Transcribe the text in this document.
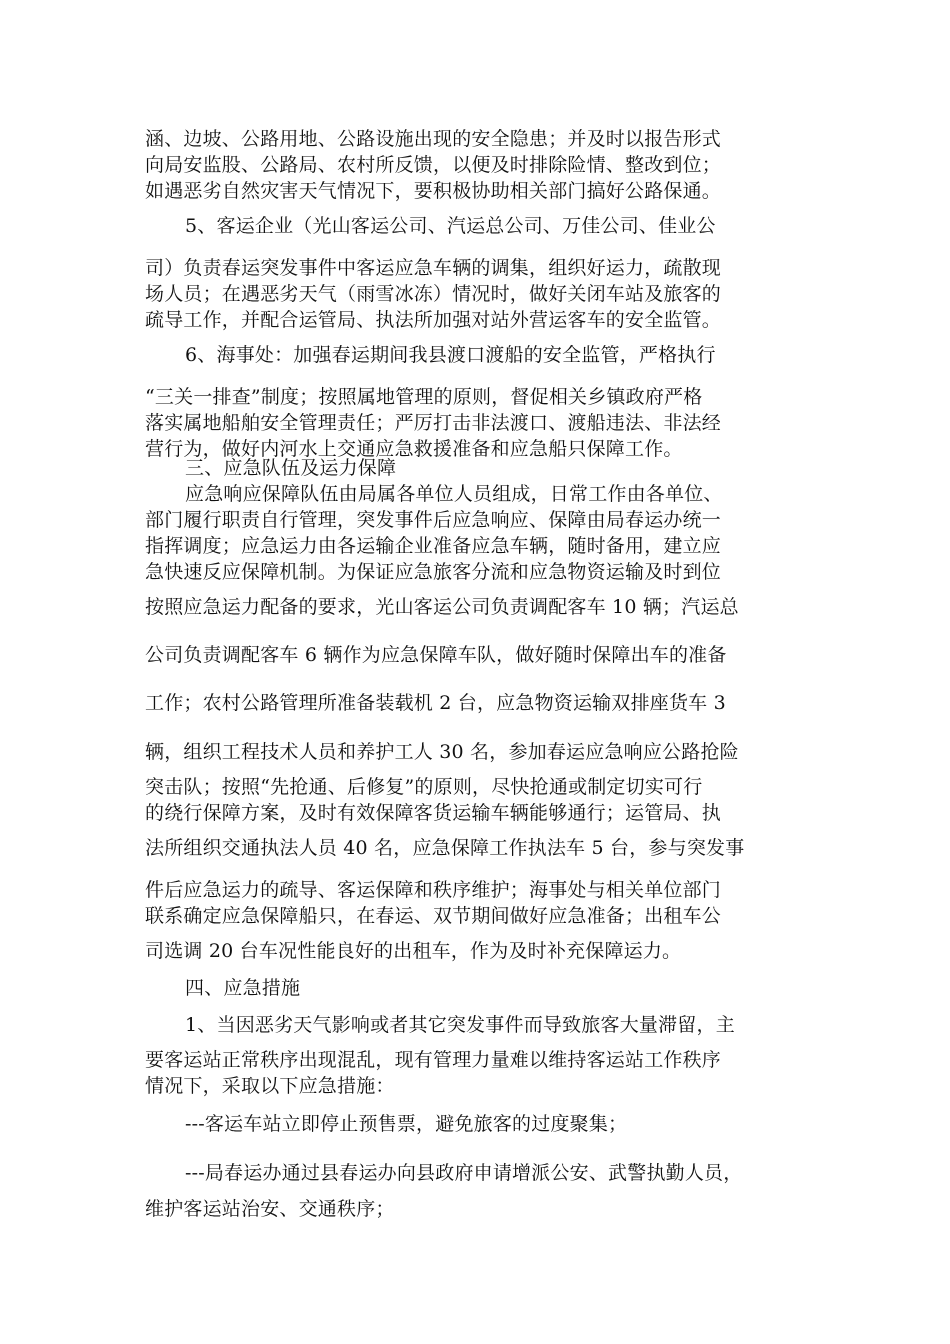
涵、边坡、公路用地、公路设施出现的安全隐患；并及时以报告形式
向局安监股、公路局、农村所反馈，以便及时排除险情、整改到位；
如遇恶劣自然灾害天气情况下，要积极协助相关部门搞好公路保通。
5、客运企业（光山客运公司、汽运总公司、万佳公司、佳业公
司）负责春运突发事件中客运应急车辆的调集，组织好运力，疏散现
场人员；在遇恶劣天气（雨雪冰冻）情况时，做好关闭车站及旅客的
疏导工作，并配合运管局、执法所加强对站外营运客车的安全监管。
6、海事处：加强春运期间我县渡口渡船的安全监管，严格执行
“三关一排查”制度；按照属地管理的原则，督促相关乡镇政府严格
落实属地船舶安全管理责任；严厉打击非法渡口、渡船违法、非法经
营行为，做好内河水上交通应急救援准备和应急船只保障工作。
三、应急队伍及运力保障
应急响应保障队伍由局属各单位人员组成，日常工作由各单位、
部门履行职责自行管理，突发事件后应急响应、保障由局春运办统一
指挥调度；应急运力由各运输企业准备应急车辆，随时备用，建立应
急快速反应保障机制。为保证应急旅客分流和应急物资运输及时到位
按照应急运力配备的要求，光山客运公司负责调配客车 10 辆；汽运总
公司负责调配客车 6 辆作为应急保障车队，做好随时保障出车的准备
工作；农村公路管理所准备装载机 2 台，应急物资运输双排座货车 3
辆，组织工程技术人员和养护工人 30 名，参加春运应急响应公路抢险
突击队；按照“先抢通、后修复”的原则，尽快抢通或制定切实可行
的绕行保障方案，及时有效保障客货运输车辆能够通行；运管局、执
法所组织交通执法人员 40 名，应急保障工作执法车 5 台，参与突发事
件后应急运力的疏导、客运保障和秩序维护；海事处与相关单位部门
联系确定应急保障船只，在春运、双节期间做好应急准备；出租车公
司选调 20 台车况性能良好的出租车，作为及时补充保障运力。
四、应急措施
1、当因恶劣天气影响或者其它突发事件而导致旅客大量滞留，主
要客运站正常秩序出现混乱，现有管理力量难以维持客运站工作秩序
情况下，采取以下应急措施：
---客运车站立即停止预售票，避免旅客的过度聚集；
---局春运办通过县春运办向县政府申请增派公安、武警执勤人员，
维护客运站治安、交通秩序；
